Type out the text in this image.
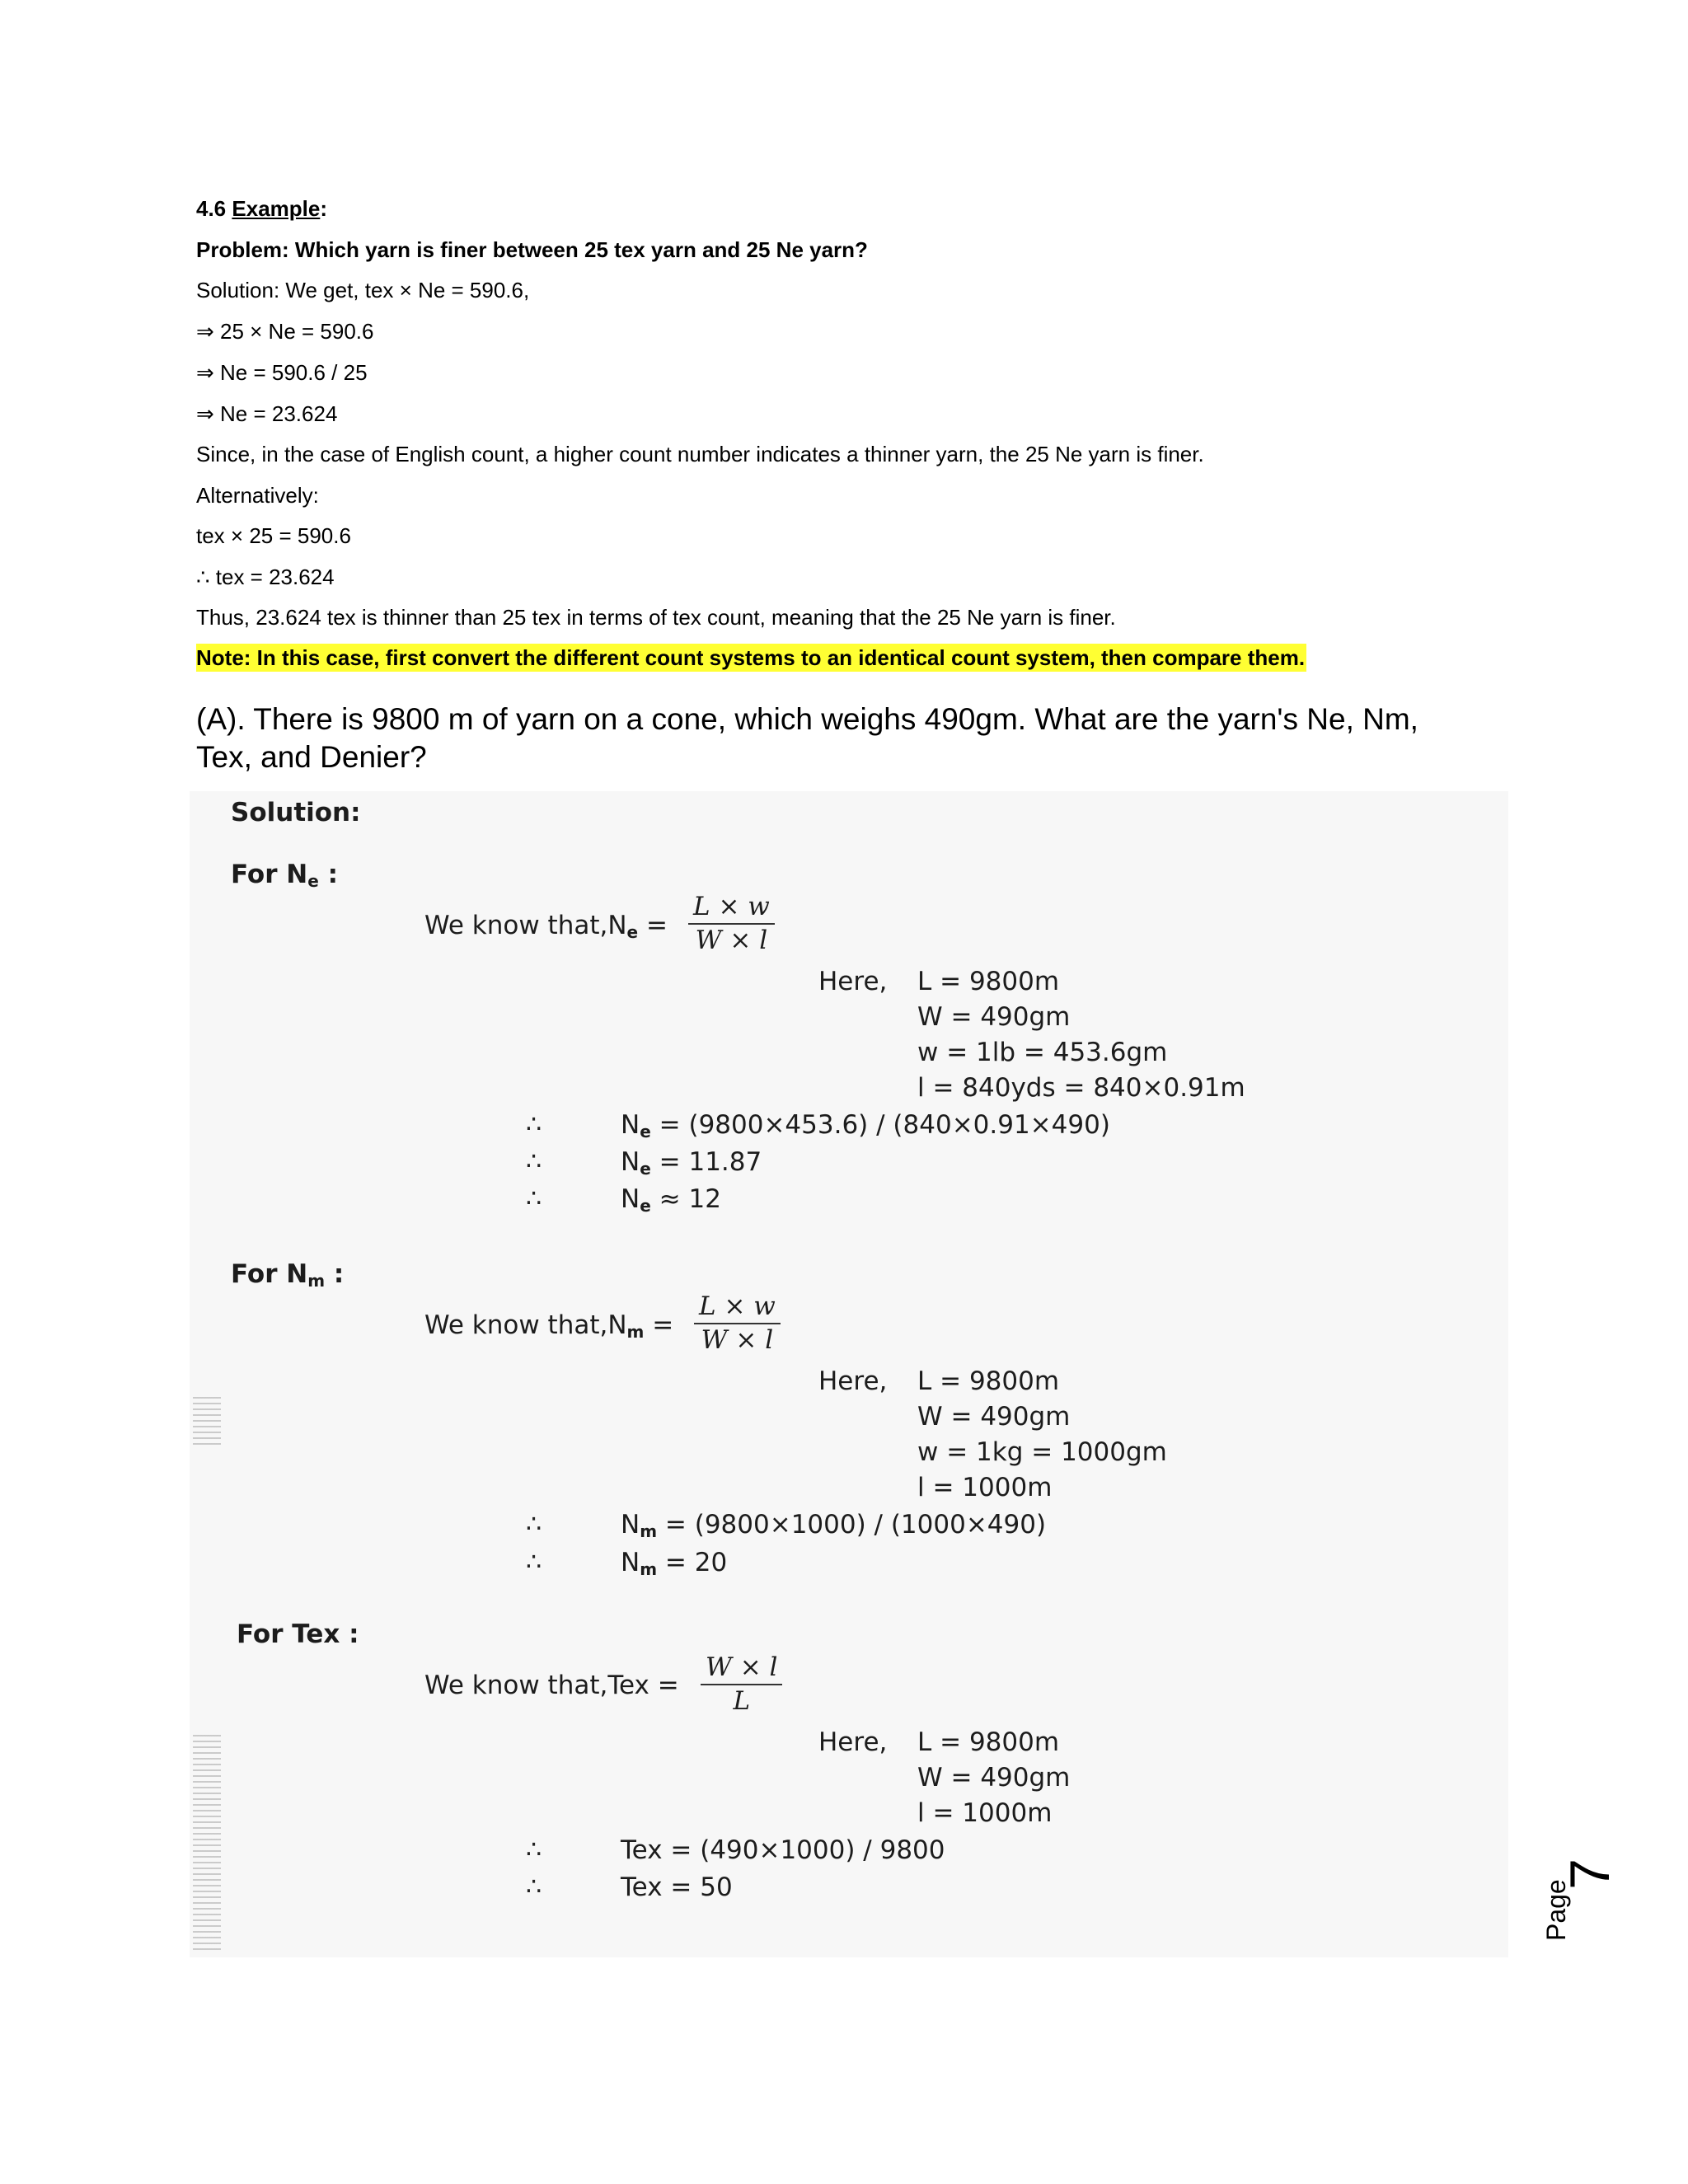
4.6 Example:
Problem: Which yarn is finer between 25 tex yarn and 25 Ne yarn?
Solution: We get, tex × Ne = 590.6,
⇒ 25 × Ne = 590.6
⇒ Ne = 590.6 / 25
⇒ Ne = 23.624
Since, in the case of English count, a higher count number indicates a thinner yarn, the 25 Ne yarn is finer.
Alternatively:
tex × 25 = 590.6
∴ tex = 23.624
Thus, 23.624 tex is thinner than 25 tex in terms of tex count, meaning that the 25 Ne yarn is finer.
Note: In this case, first convert the different count systems to an identical count system, then compare them.
(A). There is 9800 m of yarn on a cone, which weighs 490gm. What are the yarn's Ne, Nm, Tex, and Denier?
Solution:
For $N_e$ :
We know $that,N_e = \frac{L \times w}{W \times l}$
Here, L = 9800m
W = 490gm
w = 1lb = 453.6gm
l = 840yds = 840×0.91m
∴	$N_e = (9800\times 453.6) / (840\times 0.91\times 490)$
∴	$N_e = 11.87$
∴	$N_e \approx 12$
For $N_m$ :
We know $that,N_m = \frac{L \times w}{W \times l}$
Here, L = 9800m
W = 490gm
w = 1kg = 1000gm
l = 1000m
∴	$N_m = (9800\times 1000) / (1000\times 490)$
∴	$N_m = 20$
For Tex :
We know that,Tex = $\frac{W \times l}{L}$
Here, L = 9800m
W = 490gm
l = 1000m
∴	Tex = (490×1000) / 9800
∴	Tex = 50	7
Page
